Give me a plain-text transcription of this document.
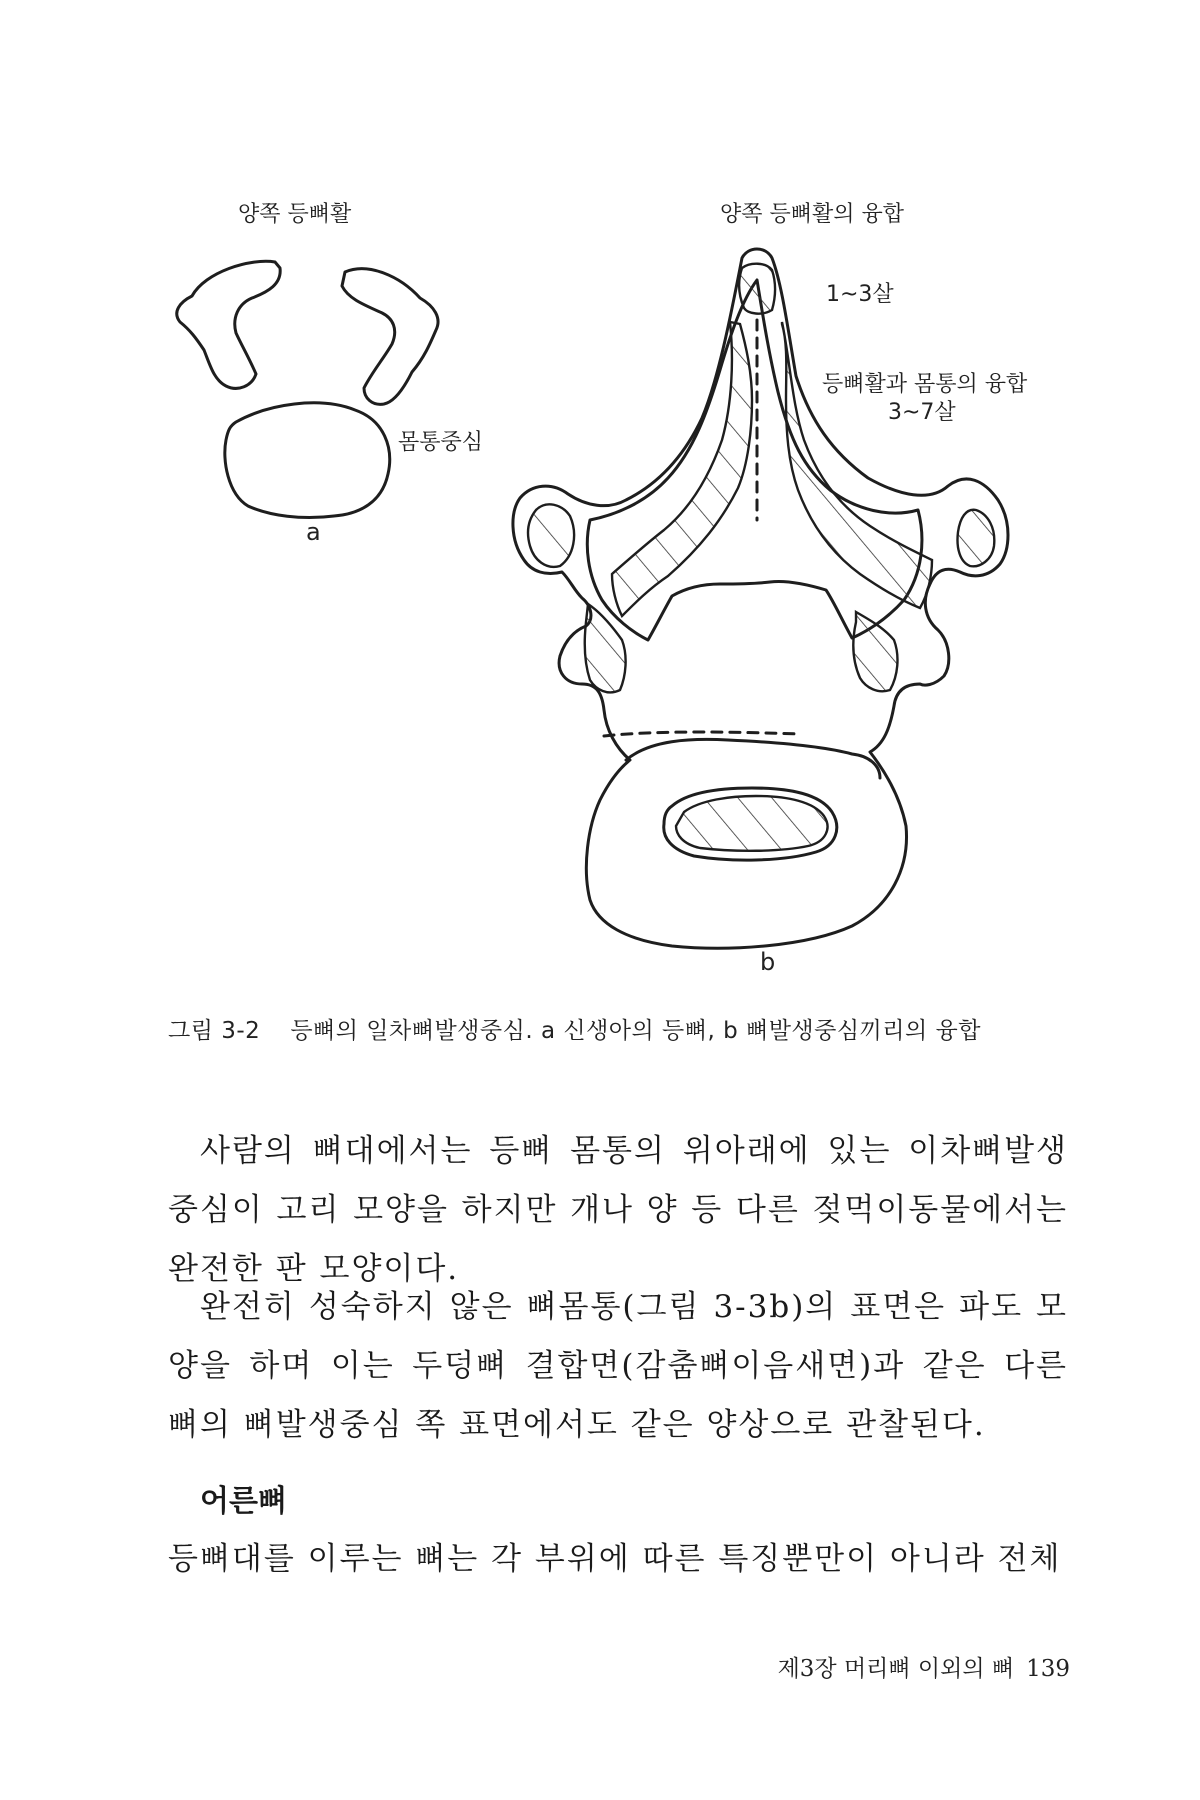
양쪽 등뼈활
몸통중심
a
양쪽 등뼈활의 융합
1~3살
등뼈활과 몸통의 융합
3~7살
b
그림 3-2 등뼈의 일차뼈발생중심. a 신생아의 등뼈, b 뼈발생중심끼리의 융합

사람의 뼈대에서는 등뼈 몸통의 위아래에 있는 이차뼈발생중심이 고리 모양을 하지만 개나 양 등 다른 젖먹이동물에서는 완전한 판 모양이다.

완전히 성숙하지 않은 뼈몸통(그림 3-3b)의 표면은 파도 모양을 하며 이는 두덩뼈 결합면(감춤뼈이음새면)과 같은 다른 뼈의 뼈발생중심 쪽 표면에서도 같은 양상으로 관찰된다.

어른뼈

등뼈대를 이루는 뼈는 각 부위에 따른 특징뿐만이 아니라 전체

제3장 머리뼈 이외의 뼈 139
